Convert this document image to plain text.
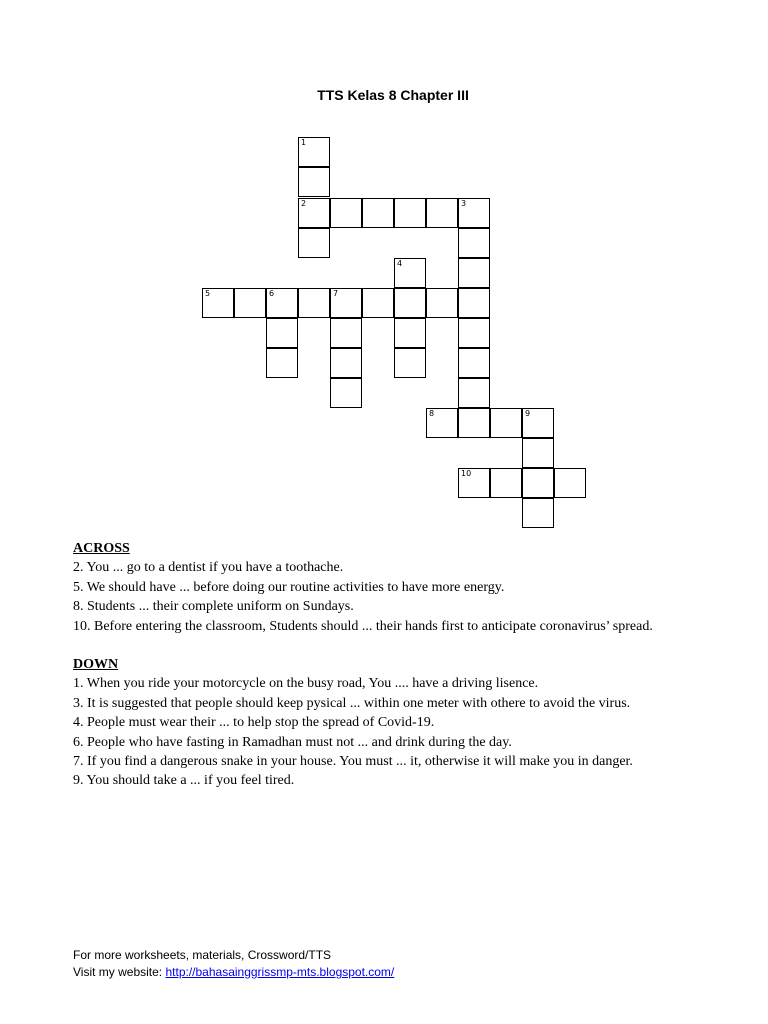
TTS Kelas 8 Chapter III
1
2	3
4
5	6	7
8	9
10
ACROSS
2. You ... go to a dentist if you have a toothache.
5. We should have ... before doing our routine activities to have more energy.
8. Students ... their complete uniform on Sundays.
10. Before entering the classroom, Students should ... their hands first to anticipate coronavirus’ spread.
DOWN
1. When you ride your motorcycle on the busy road, You .... have a driving lisence.
3. It is suggested that people should keep pysical ... within one meter with othere to avoid the virus.
4. People must wear their ... to help stop the spread of Covid-19.
6. People who have fasting in Ramadhan must not ... and drink during the day.
7. If you find a dangerous snake in your house. You must ... it, otherwise it will make you in danger.
9. You should take a ... if you feel tired.
For more worksheets, materials, Crossword/TTS
Visit my website: http://bahasainggrissmp-mts.blogspot.com/
